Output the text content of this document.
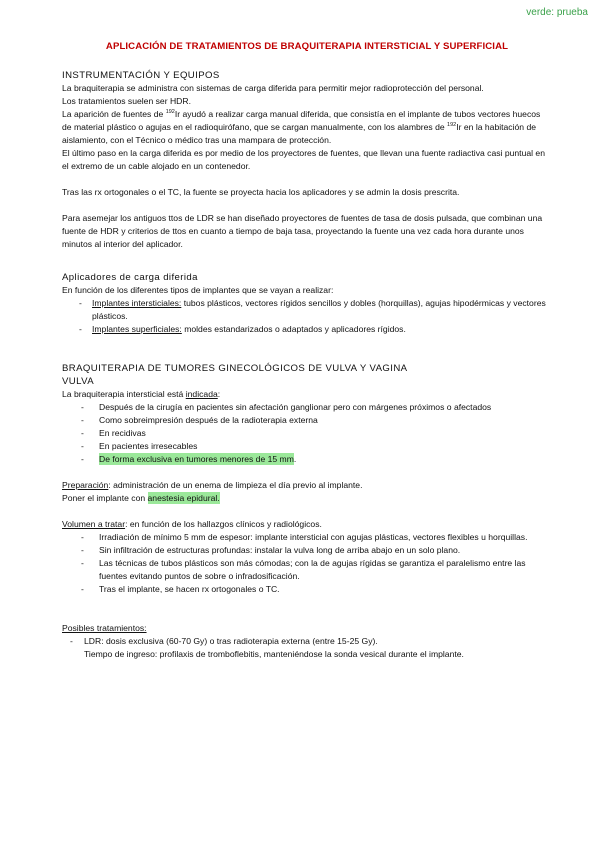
verde: prueba
APLICACIÓN DE TRATAMIENTOS DE BRAQUITERAPIA INTERSTICIAL Y SUPERFICIAL

INSTRUMENTACIÓN Y EQUIPOS

La braquiterapia se administra con sistemas de carga diferida para permitir mejor radioprotección del personal.

Los tratamientos suelen ser HDR.

La aparición de fuentes de $^{192}$Ir ayudó a realizar carga manual diferida, que consistía en el implante de tubos vectores huecos de material plástico o agujas en el radioquirófano, que se cargan manualmente, con los alambres de $^{192}$Ir en la habitación de aislamiento, con el Técnico o médico tras una mampara de protección.

El último paso en la carga diferida es por medio de los proyectores de fuentes, que llevan una fuente radiactiva casi puntual en el extremo de un cable alojado en un contenedor.

Tras las rx ortogonales o el TC, la fuente se proyecta hacia los aplicadores y se admin la dosis prescrita.

Para asemejar los antiguos ttos de LDR se han diseñado proyectores de fuentes de tasa de dosis pulsada, que combinan una fuente de HDR y criterios de ttos en cuanto a tiempo de baja tasa, proyectando la fuente una vez cada hora durante unos minutos al interior del aplicador.

Aplicadores de carga diferida

En función de los diferentes tipos de implantes que se vayan a realizar:

- Implantes intersticiales: tubos plásticos, vectores rígidos sencillos y dobles (horquillas), agujas hipodérmicas y vectores plásticos.
- Implantes superficiales: moldes estandarizados o adaptados y aplicadores rígidos.

BRAQUITERAPIA DE TUMORES GINECOLÓGICOS DE VULVA Y VAGINA

VULVA

La braquiterapia intersticial está indicada:

- Después de la cirugía en pacientes sin afectación ganglionar pero con márgenes próximos o afectados
- Como sobreimpresión después de la radioterapia externa
- En recidivas
- En pacientes irresecables
- De forma exclusiva en tumores menores de 15 mm.

Preparación: administración de un enema de limpieza el día previo al implante.

Poner el implante con anestesia epidural.

Volumen a tratar: en función de los hallazgos clínicos y radiológicos.

- Irradiación de mínimo 5 mm de espesor: implante intersticial con agujas plásticas, vectores flexibles u horquillas.
- Sin infiltración de estructuras profundas: instalar la vulva long de arriba abajo en un solo plano.
- Las técnicas de tubos plásticos son más cómodas; con la de agujas rígidas se garantiza el paralelismo entre las fuentes evitando puntos de sobre o infradosificación.
- Tras el implante, se hacen rx ortogonales o TC.

Posibles tratamientos:

- LDR: dosis exclusiva (60-70 Gy) o tras radioterapia externa (entre 15-25 Gy).

Tiempo de ingreso: profilaxis de tromboflebitis, manteniéndose la sonda vesical durante el implante.
